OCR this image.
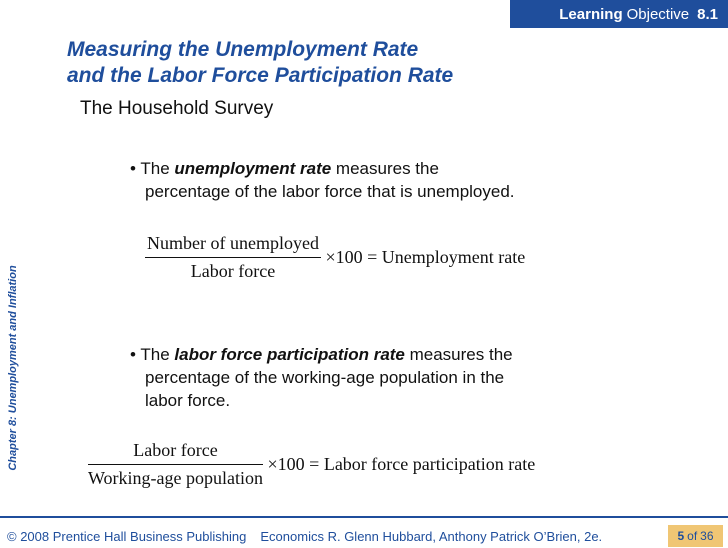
Learning Objective 8.1
Chapter 8: Unemployment and Inflation
Measuring the Unemployment Rate
and the Labor Force Participation Rate

The Household Survey

• The unemployment rate measures the
percentage of the labor force that is unemployed.

$\frac{\text{Number of unemployed}}{\text{Labor force}} \times 100$ = Unemployment rate

• The labor force participation rate measures the
percentage of the working-age population in the
labor force.

$\frac{\text{Labor force}}{\text{Working-age population}} \times 100$ = Labor force participation rate
© 2008 Prentice Hall Business Publishing Economics R. Glenn Hubbard, Anthony Patrick O’Brien, 2e.	5 of 36
